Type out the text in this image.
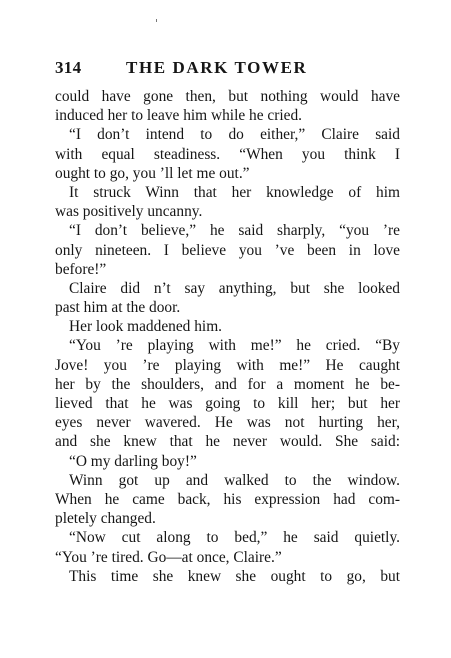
314	THE DARK TOWER
could have gone then, but nothing would have
induced her to leave him while he cried.
“I don’t intend to do either,” Claire said
with equal steadiness. “When you think I
ought to go, you ’ll let me out.”
It struck Winn that her knowledge of him
was positively uncanny.
“I don’t believe,” he said sharply, “you ’re
only nineteen. I believe you ’ve been in love
before!”
Claire did n’t say anything, but she looked
past him at the door.
Her look maddened him.
“You ’re playing with me!” he cried. “By
Jove! you ’re playing with me!” He caught
her by the shoulders, and for a moment he be-
lieved that he was going to kill her; but her
eyes never wavered. He was not hurting her,
and she knew that he never would. She said:
“O my darling boy!”
Winn got up and walked to the window.
When he came back, his expression had com-
pletely changed.
“Now cut along to bed,” he said quietly.
“You ’re tired. Go—at once, Claire.”
This time she knew she ought to go, but
